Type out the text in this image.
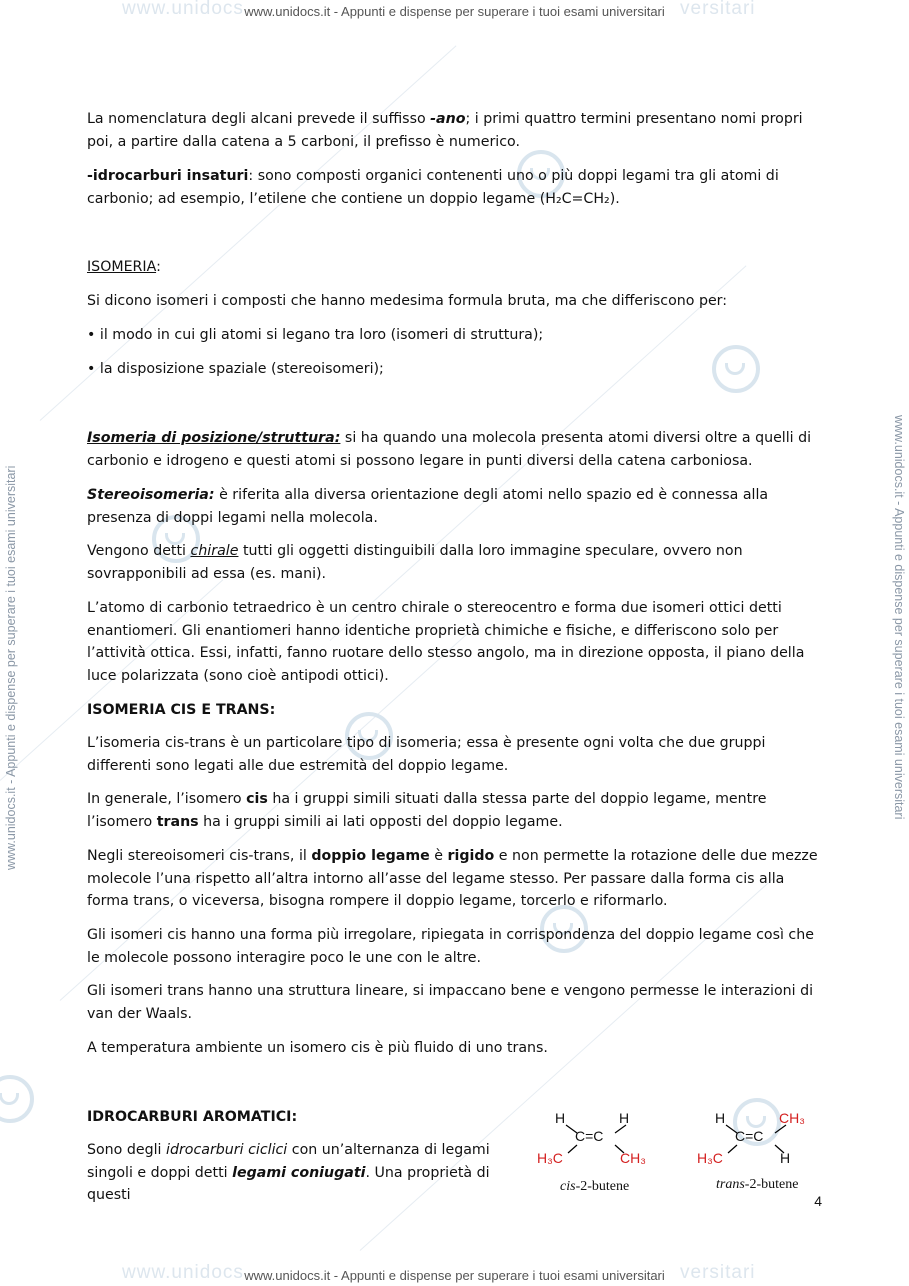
www.unidocs	versitari
www.unidocs.it - Appunti e dispense per superare i tuoi esami universitari
www.unidocs	versitari
www.unidocs.it - Appunti e dispense per superare i tuoi esami universitari
www.unidocs.it - Appunti e dispense per superare i tuoi esami universitari	www.unidocs.it - Appunti e dispense per superare i tuoi esami universitari
La nomenclatura degli alcani prevede il suffisso -ano; i primi quattro termini presentano nomi propri poi, a partire dalla catena a 5 carboni, il prefisso è numerico.
-idrocarburi insaturi: sono composti organici contenenti uno o più doppi legami tra gli atomi di carbonio; ad esempio, l’etilene che contiene un doppio legame (H₂C=CH₂).
ISOMERIA:
Si dicono isomeri i composti che hanno medesima formula bruta, ma che differiscono per:
• il modo in cui gli atomi si legano tra loro (isomeri di struttura);
• la disposizione spaziale (stereoisomeri);
Isomeria di posizione/struttura: si ha quando una molecola presenta atomi diversi oltre a quelli di carbonio e idrogeno e questi atomi si possono legare in punti diversi della catena carboniosa.
Stereoisomeria: è riferita alla diversa orientazione degli atomi nello spazio ed è connessa alla presenza di doppi legami nella molecola.
Vengono detti chirale tutti gli oggetti distinguibili dalla loro immagine speculare, ovvero non sovrapponibili ad essa (es. mani).
L’atomo di carbonio tetraedrico è un centro chirale o stereocentro e forma due isomeri ottici detti enantiomeri. Gli enantiomeri hanno identiche proprietà chimiche e fisiche, e differiscono solo per l’attività ottica. Essi, infatti, fanno ruotare dello stesso angolo, ma in direzione opposta, il piano della luce polarizzata (sono cioè antipodi ottici).
ISOMERIA CIS E TRANS:
L’isomeria cis-trans è un particolare tipo di isomeria; essa è presente ogni volta che due gruppi differenti sono legati alle due estremità del doppio legame.
In generale, l’isomero cis ha i gruppi simili situati dalla stessa parte del doppio legame, mentre l’isomero trans ha i gruppi simili ai lati opposti del doppio legame.
Negli stereoisomeri cis-trans, il doppio legame è rigido e non permette la rotazione delle due mezze molecole l’una rispetto all’altra intorno all’asse del legame stesso. Per passare dalla forma cis alla forma trans, o viceversa, bisogna rompere il doppio legame, torcerlo e riformarlo.
Gli isomeri cis hanno una forma più irregolare, ripiegata in corrispondenza del doppio legame così che le molecole possono interagire poco le une con le altre.
Gli isomeri trans hanno una struttura lineare, si impaccano bene e vengono permesse le interazioni di van der Waals.
A temperatura ambiente un isomero cis è più fluido di uno trans.
IDROCARBURI AROMATICI:
Sono degli idrocarburi ciclici con un’alternanza di legami singoli e doppi detti legami coniugati. Una proprietà di questi
H	H
C=C
H₃C	CH₃
cis-2-butene
H	CH₃
C=C
H₃C	H
trans-2-butene
4
